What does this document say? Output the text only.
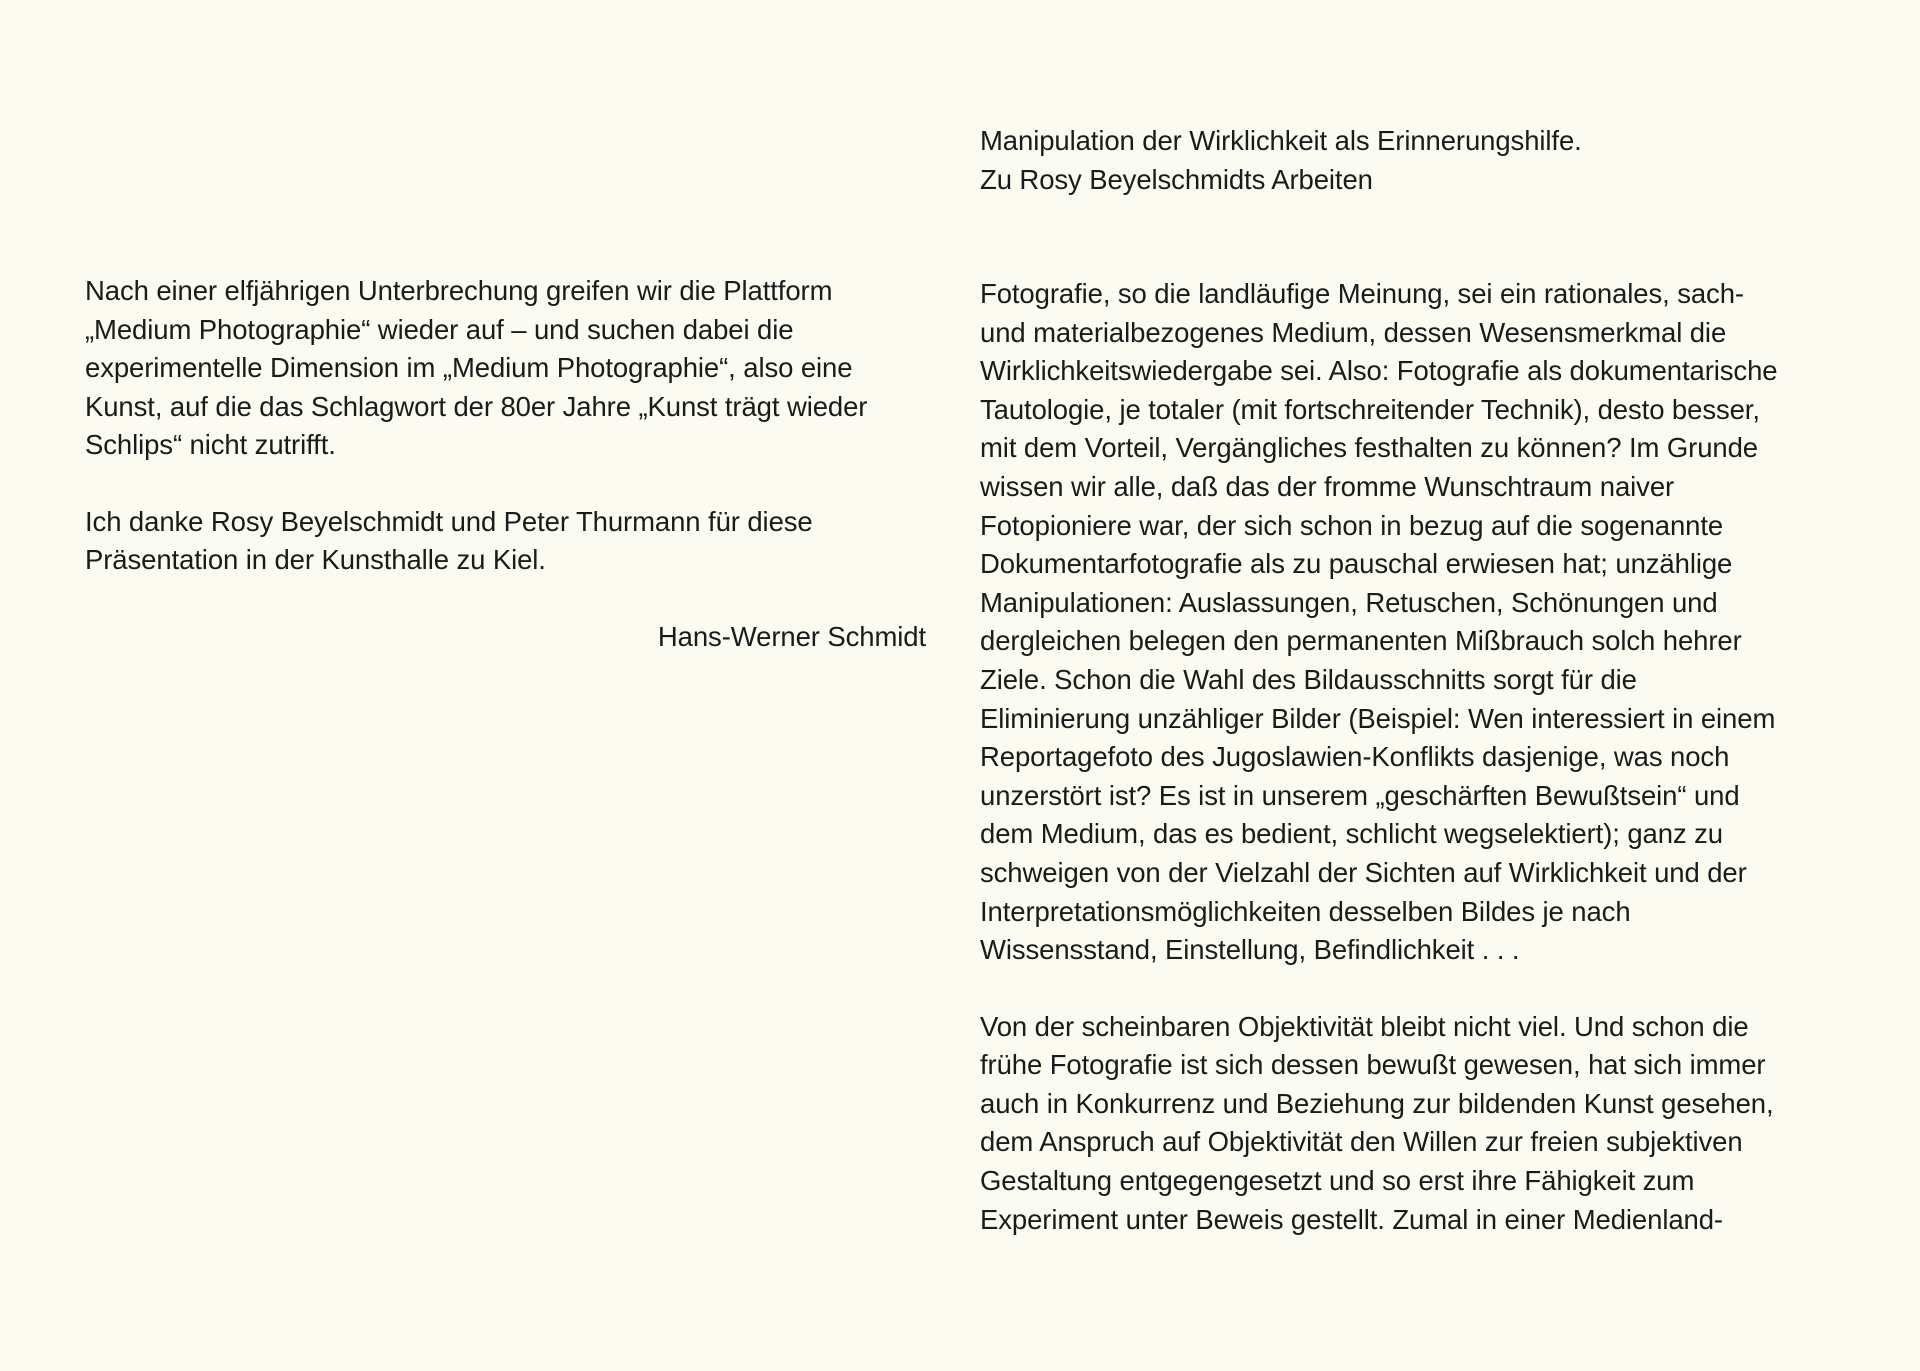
Nach einer elfjährigen Unterbrechung greifen wir die Plattform
„Medium Photographie“ wieder auf – und suchen dabei die
experimentelle Dimension im „Medium Photographie“, also eine
Kunst, auf die das Schlagwort der 80er Jahre „Kunst trägt wieder
Schlips“ nicht zutrifft.

Ich danke Rosy Beyelschmidt und Peter Thurmann für diese
Präsentation in der Kunsthalle zu Kiel.

Hans-Werner Schmidt
Manipulation der Wirklichkeit als Erinnerungshilfe.
Zu Rosy Beyelschmidts Arbeiten

Fotografie, so die landläufige Meinung, sei ein rationales, sach-
und materialbezogenes Medium, dessen Wesensmerkmal die
Wirklichkeitswiedergabe sei. Also: Fotografie als dokumentarische
Tautologie, je totaler (mit fortschreitender Technik), desto besser,
mit dem Vorteil, Vergängliches festhalten zu können? Im Grunde
wissen wir alle, daß das der fromme Wunschtraum naiver
Fotopioniere war, der sich schon in bezug auf die sogenannte
Dokumentarfotografie als zu pauschal erwiesen hat; unzählige
Manipulationen: Auslassungen, Retuschen, Schönungen und
dergleichen belegen den permanenten Mißbrauch solch hehrer
Ziele. Schon die Wahl des Bildausschnitts sorgt für die
Eliminierung unzähliger Bilder (Beispiel: Wen interessiert in einem
Reportagefoto des Jugoslawien-Konflikts dasjenige, was noch
unzerstört ist? Es ist in unserem „geschärften Bewußtsein“ und
dem Medium, das es bedient, schlicht wegselektiert); ganz zu
schweigen von der Vielzahl der Sichten auf Wirklichkeit und der
Interpretationsmöglichkeiten desselben Bildes je nach
Wissensstand, Einstellung, Befindlichkeit . . .

Von der scheinbaren Objektivität bleibt nicht viel. Und schon die
frühe Fotografie ist sich dessen bewußt gewesen, hat sich immer
auch in Konkurrenz und Beziehung zur bildenden Kunst gesehen,
dem Anspruch auf Objektivität den Willen zur freien subjektiven
Gestaltung entgegengesetzt und so erst ihre Fähigkeit zum
Experiment unter Beweis gestellt. Zumal in einer Medienland-
